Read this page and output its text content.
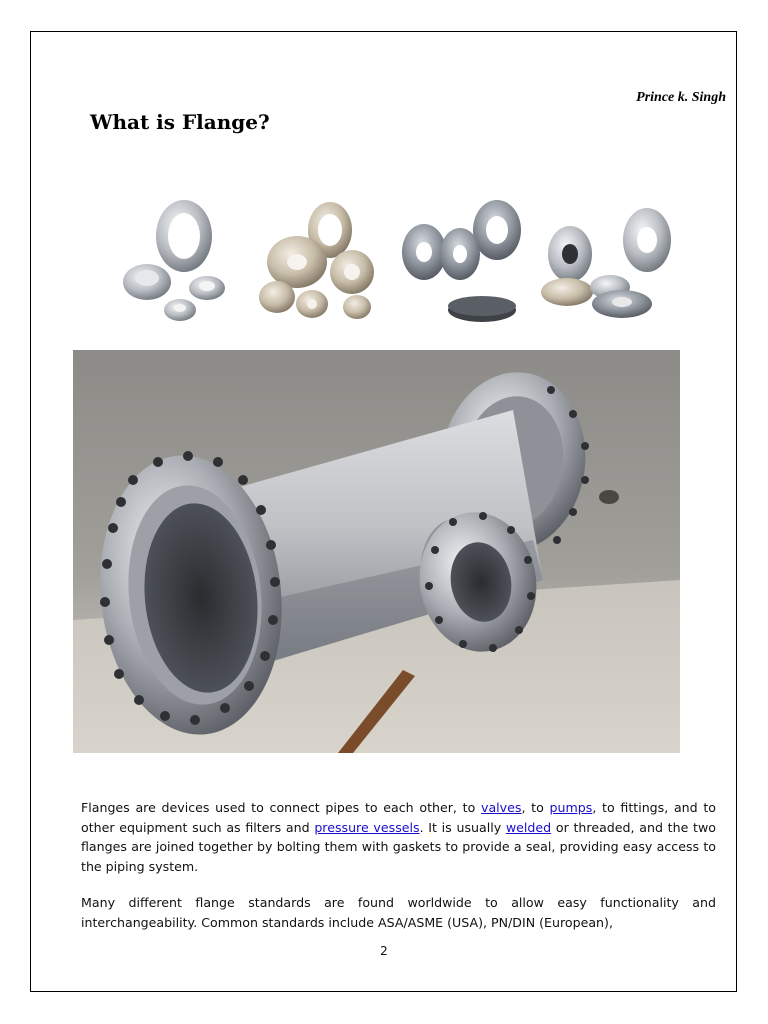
Prince k. Singh
What is Flange?

Flanges are devices used to connect pipes to each other, to valves, to pumps, to fittings, and to other equipment such as filters and pressure vessels. It is usually welded or threaded, and the two flanges are joined together by bolting them with gaskets to provide a seal, providing easy access to the piping system.

Many different flange standards are found worldwide to allow easy functionality and interchangeability. Common standards include ASA/ASME (USA), PN/DIN (European),

2
